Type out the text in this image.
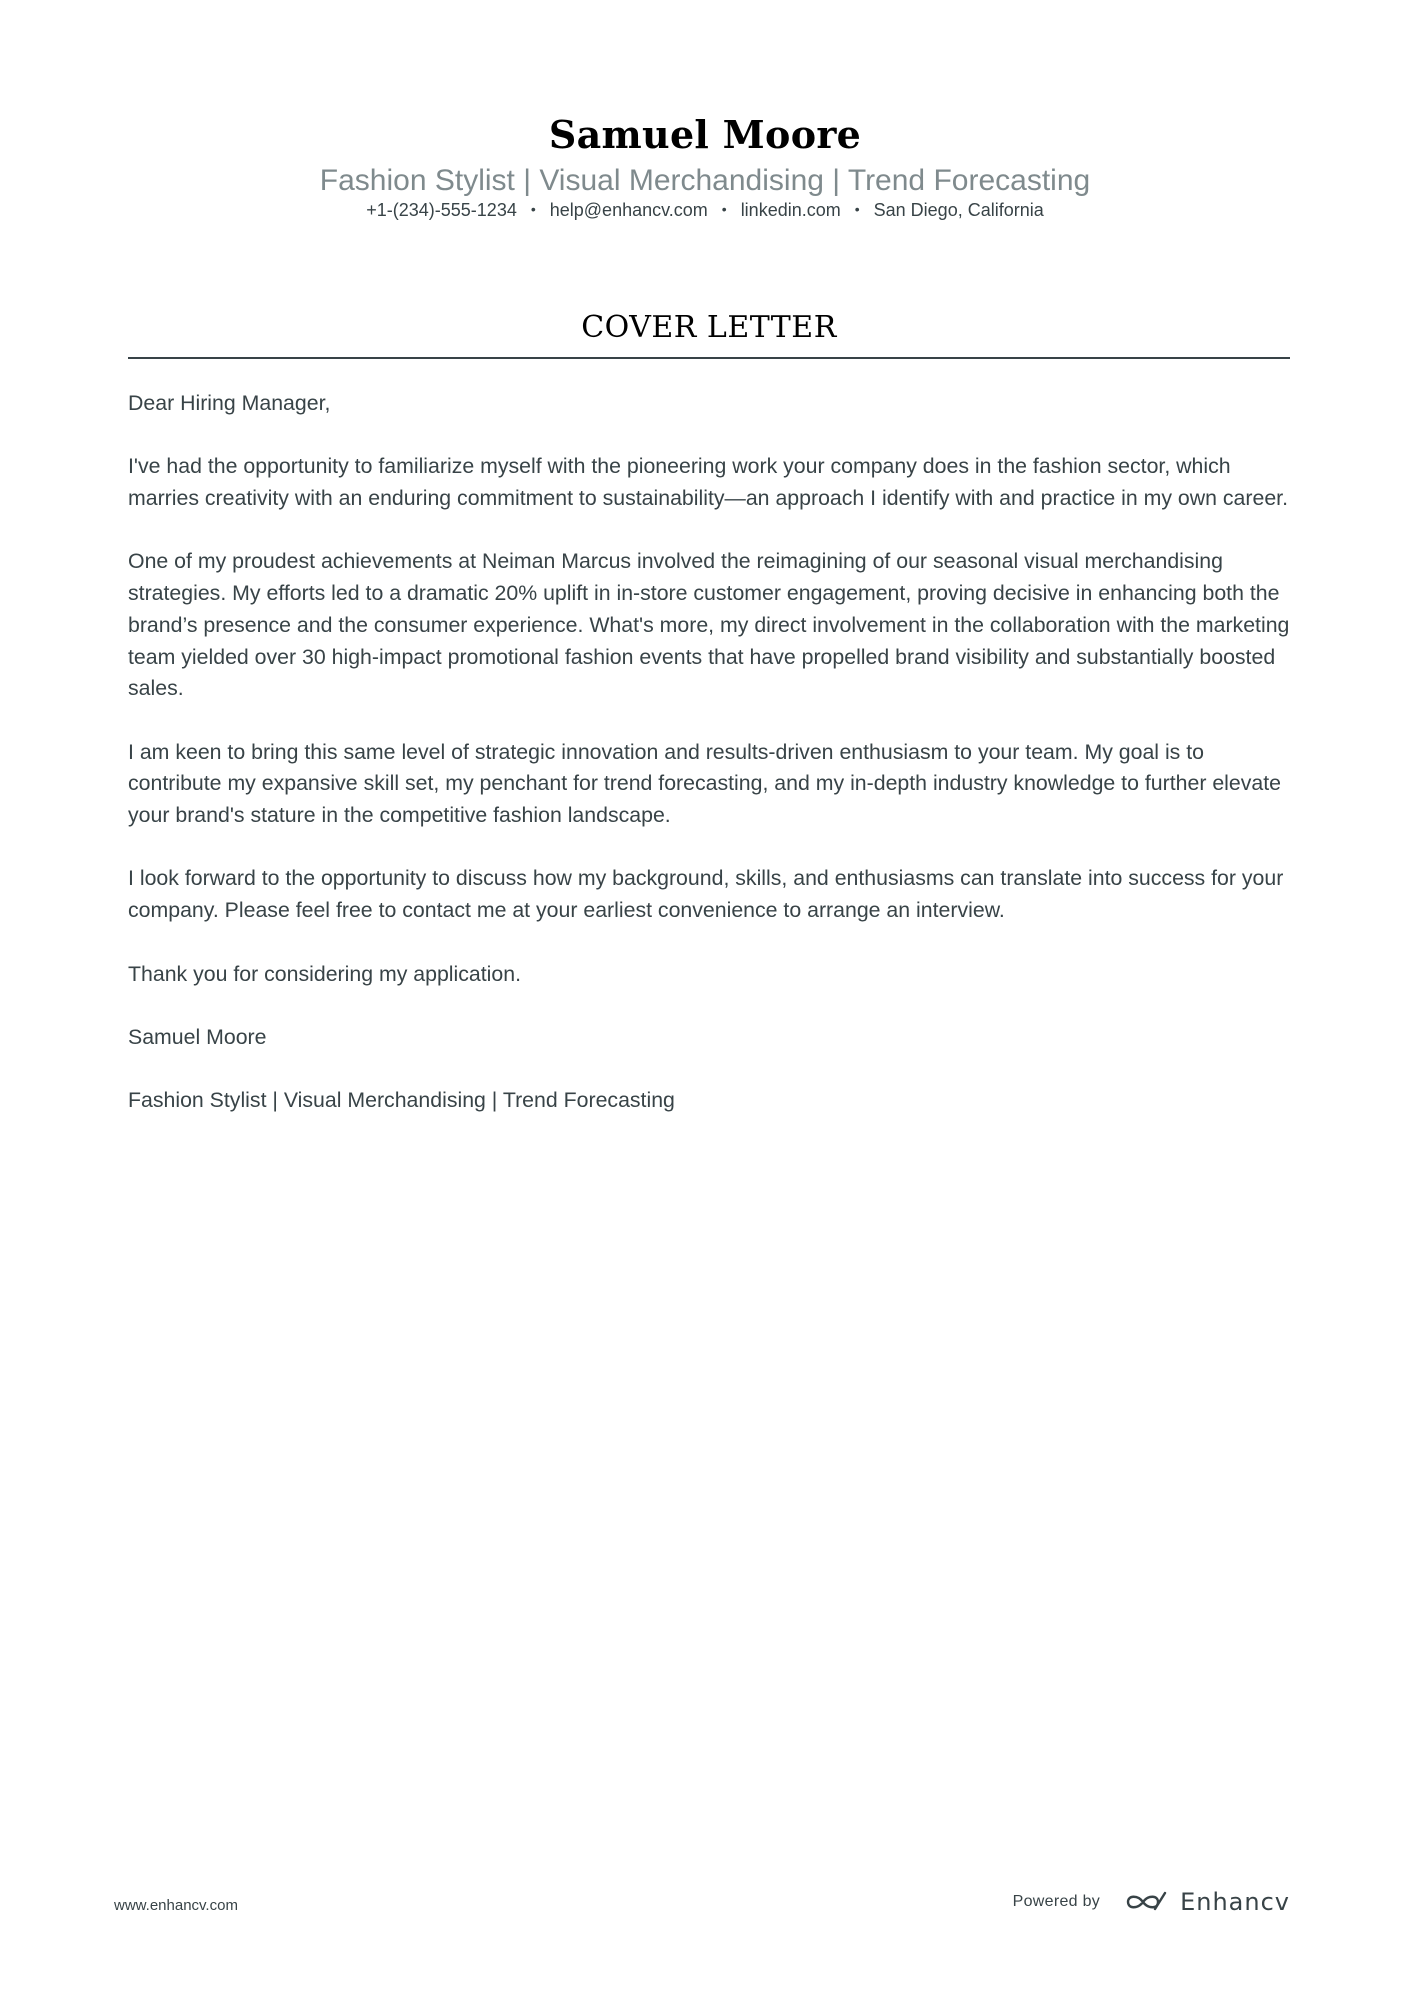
Samuel Moore
Fashion Stylist | Visual Merchandising | Trend Forecasting
+1-(234)-555-1234 • help@enhancv.com • linkedin.com • San Diego, California
COVER LETTER

Dear Hiring Manager,

I've had the opportunity to familiarize myself with the pioneering work your company does in the fashion sector, which marries creativity with an enduring commitment to sustainability—an approach I identify with and practice in my own career.

One of my proudest achievements at Neiman Marcus involved the reimagining of our seasonal visual merchandising strategies. My efforts led to a dramatic 20% uplift in in-store customer engagement, proving decisive in enhancing both the brand’s presence and the consumer experience. What's more, my direct involvement in the collaboration with the marketing team yielded over 30 high-impact promotional fashion events that have propelled brand visibility and substantially boosted sales.

I am keen to bring this same level of strategic innovation and results-driven enthusiasm to your team. My goal is to contribute my expansive skill set, my penchant for trend forecasting, and my in-depth industry knowledge to further elevate your brand's stature in the competitive fashion landscape.

I look forward to the opportunity to discuss how my background, skills, and enthusiasms can translate into success for your company. Please feel free to contact me at your earliest convenience to arrange an interview.

Thank you for considering my application.

Samuel Moore

Fashion Stylist | Visual Merchandising | Trend Forecasting

www.enhancv.com	Powered by	Enhancv
